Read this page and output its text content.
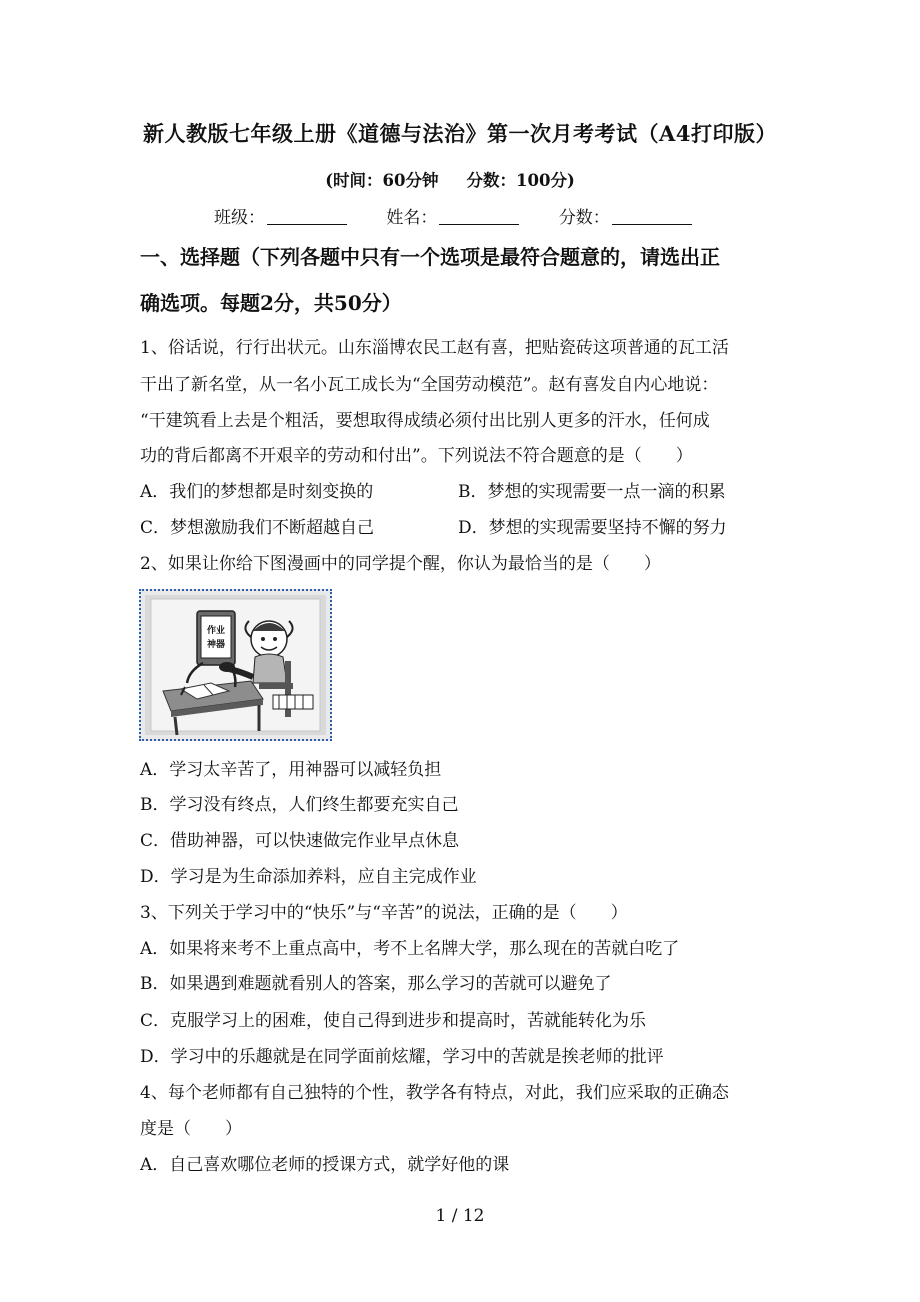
新人教版七年级上册《道德与法治》第一次月考考试（A4打印版）
(时间：60分钟 分数：100分)
班级：	姓名：	分数：
一、选择题（下列各题中只有一个选项是最符合题意的，请选出正
确选项。每题2分，共50分）
1、俗话说，行行出状元。山东淄博农民工赵有喜，把贴瓷砖这项普通的瓦工活
干出了新名堂，从一名小瓦工成长为“全国劳动模范”。赵有喜发自内心地说：
“干建筑看上去是个粗活，要想取得成绩必须付出比别人更多的汗水，任何成
功的背后都离不开艰辛的劳动和付出”。下列说法不符合题意的是（　　）
A．我们的梦想都是时刻变换的	B．梦想的实现需要一点一滴的积累
C．梦想激励我们不断超越自己	D．梦想的实现需要坚持不懈的努力
2、如果让你给下图漫画中的同学提个醒，你认为最恰当的是（　　）
作业
神器
A．学习太辛苦了，用神器可以减轻负担
B．学习没有终点，人们终生都要充实自己
C．借助神器，可以快速做完作业早点休息
D．学习是为生命添加养料，应自主完成作业
3、下列关于学习中的“快乐”与“辛苦”的说法，正确的是（　　）
A．如果将来考不上重点高中，考不上名牌大学，那么现在的苦就白吃了
B．如果遇到难题就看别人的答案，那么学习的苦就可以避免了
C．克服学习上的困难，使自己得到进步和提高时，苦就能转化为乐
D．学习中的乐趣就是在同学面前炫耀，学习中的苦就是挨老师的批评
4、每个老师都有自己独特的个性，教学各有特点，对此，我们应采取的正确态
度是（　　）
A．自己喜欢哪位老师的授课方式，就学好他的课
1 / 12
